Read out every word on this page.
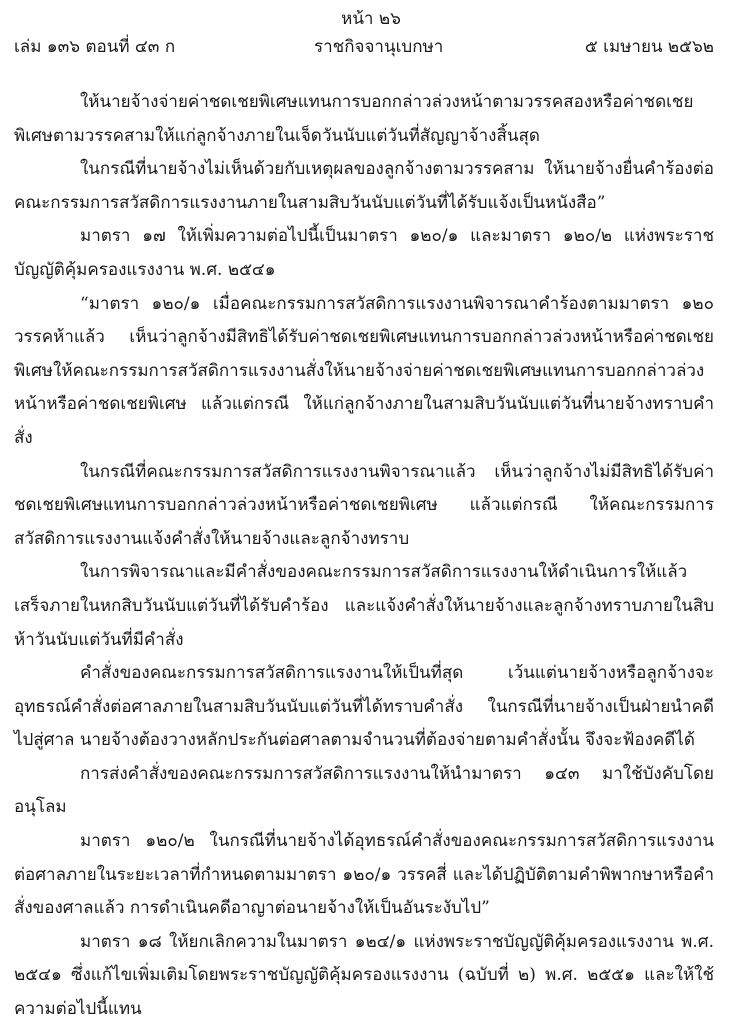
หน้า ๒๖
เล่ม ๑๓๖ ตอนที่ ๔๓ ก	ราชกิจจานุเบกษา	๕ เมษายน ๒๕๖๒

ให้นายจ้างจ่ายค่าชดเชยพิเศษแทนการบอกกล่าวล่วงหน้าตามวรรคสองหรือค่าชดเชยพิเศษตามวรรคสามให้แก่ลูกจ้างภายในเจ็ดวันนับแต่วันที่สัญญาจ้างสิ้นสุด

ในกรณีที่นายจ้างไม่เห็นด้วยกับเหตุผลของลูกจ้างตามวรรคสาม ให้นายจ้างยื่นคำร้องต่อคณะกรรมการสวัสดิการแรงงานภายในสามสิบวันนับแต่วันที่ได้รับแจ้งเป็นหนังสือ”

มาตรา ๑๗ ให้เพิ่มความต่อไปนี้เป็นมาตรา ๑๒๐/๑ และมาตรา ๑๒๐/๒ แห่งพระราชบัญญัติคุ้มครองแรงงาน พ.ศ. ๒๕๔๑

“มาตรา ๑๒๐/๑ เมื่อคณะกรรมการสวัสดิการแรงงานพิจารณาคำร้องตามมาตรา ๑๒๐ วรรคห้าแล้ว เห็นว่าลูกจ้างมีสิทธิได้รับค่าชดเชยพิเศษแทนการบอกกล่าวล่วงหน้าหรือค่าชดเชยพิเศษให้คณะกรรมการสวัสดิการแรงงานสั่งให้นายจ้างจ่ายค่าชดเชยพิเศษแทนการบอกกล่าวล่วงหน้าหรือค่าชดเชยพิเศษ แล้วแต่กรณี ให้แก่ลูกจ้างภายในสามสิบวันนับแต่วันที่นายจ้างทราบคำสั่ง

ในกรณีที่คณะกรรมการสวัสดิการแรงงานพิจารณาแล้ว เห็นว่าลูกจ้างไม่มีสิทธิได้รับค่าชดเชยพิเศษแทนการบอกกล่าวล่วงหน้าหรือค่าชดเชยพิเศษ แล้วแต่กรณี ให้คณะกรรมการสวัสดิการแรงงานแจ้งคำสั่งให้นายจ้างและลูกจ้างทราบ

ในการพิจารณาและมีคำสั่งของคณะกรรมการสวัสดิการแรงงานให้ดำเนินการให้แล้วเสร็จภายในหกสิบวันนับแต่วันที่ได้รับคำร้อง และแจ้งคำสั่งให้นายจ้างและลูกจ้างทราบภายในสิบห้าวันนับแต่วันที่มีคำสั่ง

คำสั่งของคณะกรรมการสวัสดิการแรงงานให้เป็นที่สุด เว้นแต่นายจ้างหรือลูกจ้างจะอุทธรณ์คำสั่งต่อศาลภายในสามสิบวันนับแต่วันที่ได้ทราบคำสั่ง ในกรณีที่นายจ้างเป็นฝ่ายนำคดีไปสู่ศาล นายจ้างต้องวางหลักประกันต่อศาลตามจำนวนที่ต้องจ่ายตามคำสั่งนั้น จึงจะฟ้องคดีได้

การส่งคำสั่งของคณะกรรมการสวัสดิการแรงงานให้นำมาตรา ๑๔๓ มาใช้บังคับโดยอนุโลม

มาตรา ๑๒๐/๒ ในกรณีที่นายจ้างได้อุทธรณ์คำสั่งของคณะกรรมการสวัสดิการแรงงานต่อศาลภายในระยะเวลาที่กำหนดตามมาตรา ๑๒๐/๑ วรรคสี่ และได้ปฏิบัติตามคำพิพากษาหรือคำสั่งของศาลแล้ว การดำเนินคดีอาญาต่อนายจ้างให้เป็นอันระงับไป”

มาตรา ๑๘ ให้ยกเลิกความในมาตรา ๑๒๔/๑ แห่งพระราชบัญญัติคุ้มครองแรงงาน พ.ศ. ๒๕๔๑ ซึ่งแก้ไขเพิ่มเติมโดยพระราชบัญญัติคุ้มครองแรงงาน (ฉบับที่ ๒) พ.ศ. ๒๕๕๑ และให้ใช้ความต่อไปนี้แทน
